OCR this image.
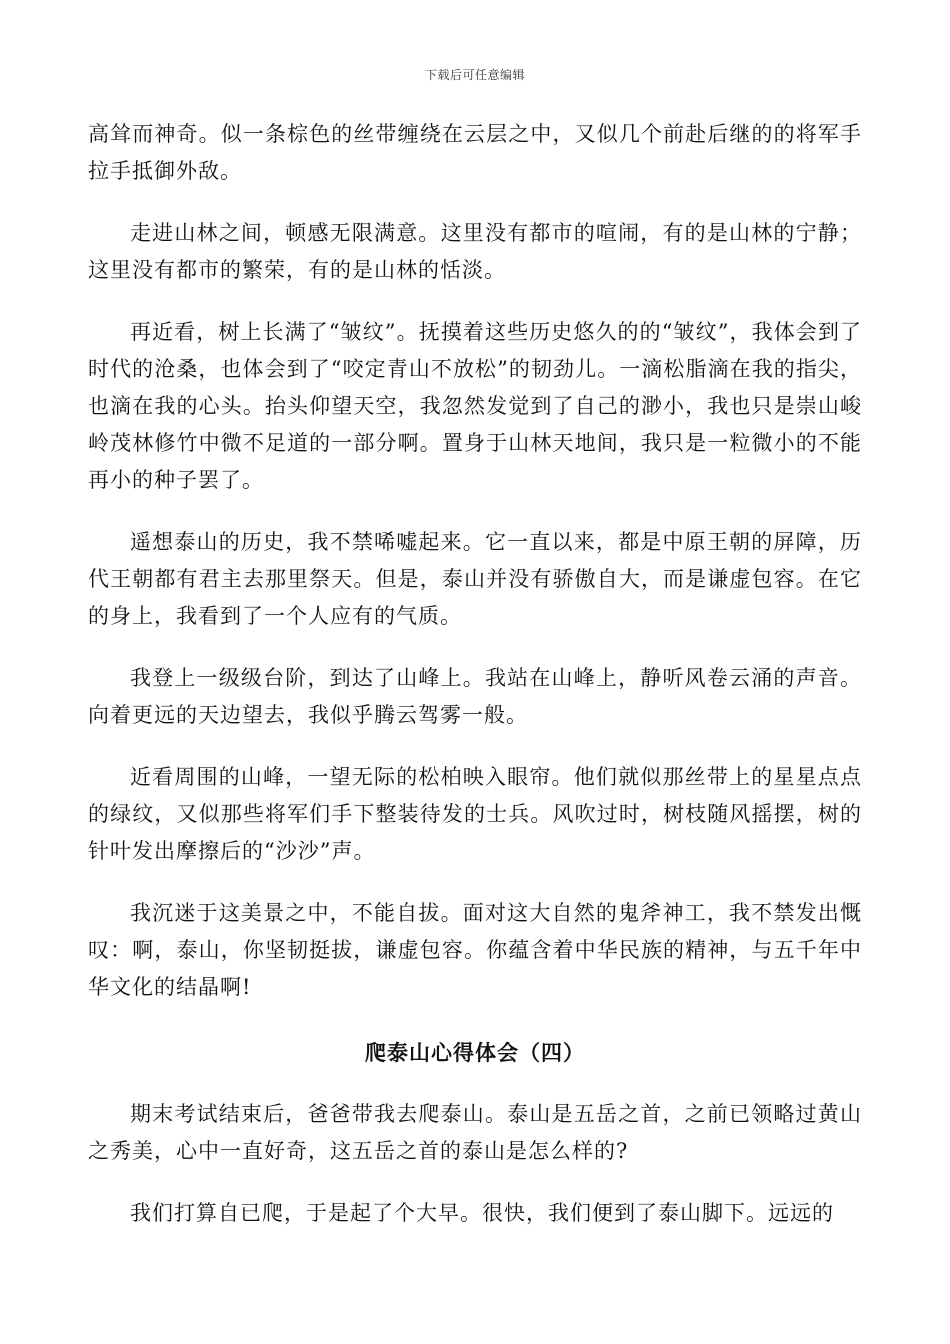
下载后可任意编辑

高耸而神奇。似一条棕色的丝带缠绕在云层之中，又似几个前赴后继的的将军手拉手抵御外敌。

走进山林之间，顿感无限满意。这里没有都市的喧闹，有的是山林的宁静；这里没有都市的繁荣，有的是山林的恬淡。

再近看，树上长满了“皱纹”。抚摸着这些历史悠久的的“皱纹”，我体会到了时代的沧桑，也体会到了“咬定青山不放松”的韧劲儿。一滴松脂滴在我的指尖，也滴在我的心头。抬头仰望天空，我忽然发觉到了自己的渺小，我也只是崇山峻岭茂林修竹中微不足道的一部分啊。置身于山林天地间，我只是一粒微小的不能再小的种子罢了。

遥想泰山的历史，我不禁唏嘘起来。它一直以来，都是中原王朝的屏障，历代王朝都有君主去那里祭天。但是，泰山并没有骄傲自大，而是谦虚包容。在它的身上，我看到了一个人应有的气质。

我登上一级级台阶，到达了山峰上。我站在山峰上，静听风卷云涌的声音。向着更远的天边望去，我似乎腾云驾雾一般。

近看周围的山峰，一望无际的松柏映入眼帘。他们就似那丝带上的星星点点的绿纹，又似那些将军们手下整装待发的士兵。风吹过时，树枝随风摇摆，树的针叶发出摩擦后的“沙沙”声。

我沉迷于这美景之中，不能自拔。面对这大自然的鬼斧神工，我不禁发出慨叹：啊，泰山，你坚韧挺拔，谦虚包容。你蕴含着中华民族的精神，与五千年中华文化的结晶啊!

爬泰山心得体会（四）

期末考试结束后，爸爸带我去爬泰山。泰山是五岳之首，之前已领略过黄山之秀美，心中一直好奇，这五岳之首的泰山是怎么样的?

我们打算自已爬，于是起了个大早。很快，我们便到了泰山脚下。远远的
